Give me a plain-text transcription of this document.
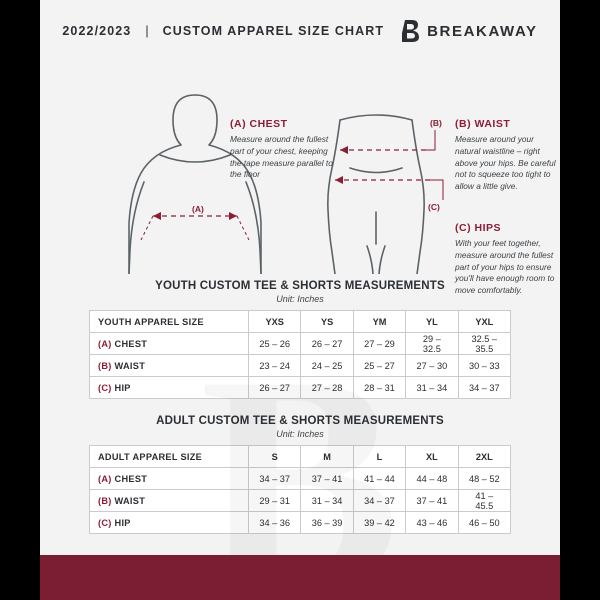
2022/2023 | CUSTOM APPAREL SIZE CHART	BREAKAWAY
(A)
(B)
(C)
(A) CHEST
Measure around the fullest part of your chest, keeping the tape measure parallel to the floor
(B) WAIST
Measure around your natural waistline – right above your hips. Be careful not to squeeze too tight to allow a little give.
(C) HIPS
With your feet together, measure around the fullest part of your hips to ensure you'll have enough room to move comfortably.
YOUTH CUSTOM TEE & SHORTS MEASUREMENTS
Unit: Inches
YOUTH APPAREL SIZE	YXS	YS	YM	YL	YXL
(A) CHEST	25 – 26	26 – 27	27 – 29	29 – 32.5	32.5 – 35.5
(B) WAIST	23 – 24	24 – 25	25 – 27	27 – 30	30 – 33
(C) HIP	26 – 27	27 – 28	28 – 31	31 – 34	34 – 37
ADULT CUSTOM TEE & SHORTS MEASUREMENTS
Unit: Inches
ADULT APPAREL SIZE	S	M	L	XL	2XL
(A) CHEST	34 – 37	37 – 41	41 – 44	44 – 48	48 – 52
(B) WAIST	29 – 31	31 – 34	34 – 37	37 – 41	41 – 45.5
(C) HIP	34 – 36	36 – 39	39 – 42	43 – 46	46 – 50
